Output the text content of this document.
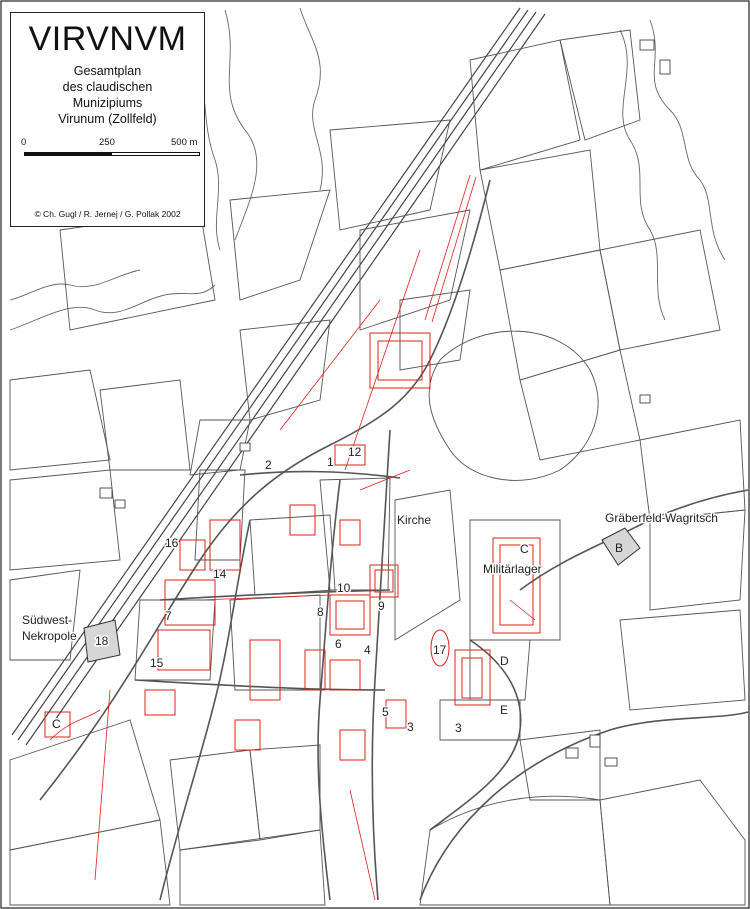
Kirche
Militärlager
Gräberfeld Wagritsch
Südwest-
Nekropole
1
2
3
4
5
6
7	8	9
10
12
14
15
16
17
18
3
B
C
C
D
E
VIRVNVM
Gesamtplan
des claudischen
Munizipiums
Virunum (Zollfeld)
0	250	500 m
© Ch. Gugl / R. Jernej / G. Pollak 2002
